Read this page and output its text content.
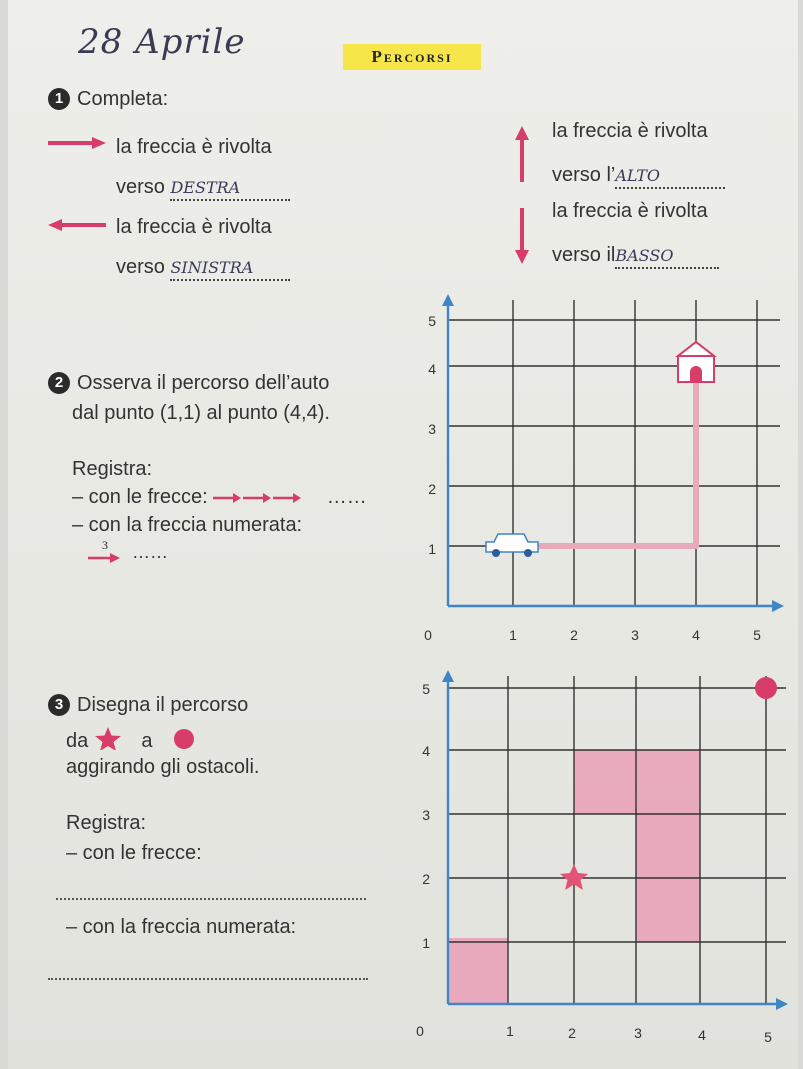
28 Aprile	Percorsi
1 Completa:
la freccia è rivolta
verso DESTRA
la freccia è rivolta
verso SINISTRA
la freccia è rivolta
verso l’ALTO
la freccia è rivolta
verso ilBASSO
2 Osserva il percorso dell’auto
dal punto (1,1) al punto (4,4).
Registra:
– con le frecce:	……
– con la freccia numerata:
3 ……
5
4
3
2
1
0	1	2	3	4	5
3 Disegna il percorso
da	a
aggirando gli ostacoli.
Registra:
– con le frecce:
– con la freccia numerata:
5
4
3
2
1
0	1	2	3	4	5
